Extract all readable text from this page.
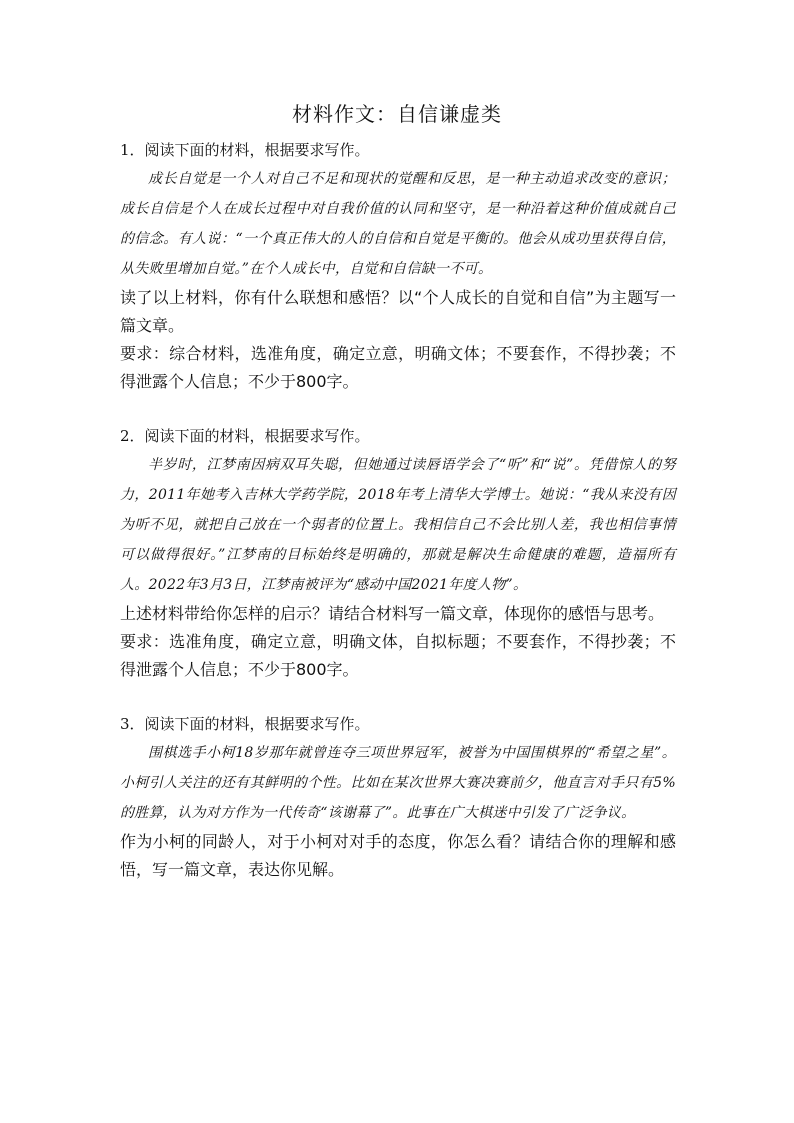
材料作文：自信谦虚类
1．阅读下面的材料，根据要求写作。
成长自觉是一个人对自己不足和现状的觉醒和反思，是一种主动追求改变的意识；成长自信是个人在成长过程中对自我价值的认同和坚守，是一种沿着这种价值成就自己的信念。有人说：“一个真正伟大的人的自信和自觉是平衡的。他会从成功里获得自信，从失败里增加自觉。”在个人成长中，自觉和自信缺一不可。
读了以上材料，你有什么联想和感悟？以“个人成长的自觉和自信”为主题写一篇文章。
要求：综合材料，选准角度，确定立意，明确文体；不要套作，不得抄袭；不得泄露个人信息；不少于800字。
2．阅读下面的材料，根据要求写作。
半岁时，江梦南因病双耳失聪，但她通过读唇语学会了“听”和“说”。凭借惊人的努力，2011年她考入吉林大学药学院，2018年考上清华大学博士。她说：“我从来没有因为听不见，就把自己放在一个弱者的位置上。我相信自己不会比别人差，我也相信事情可以做得很好。”江梦南的目标始终是明确的，那就是解决生命健康的难题，造福所有人。2022年3月3日，江梦南被评为“感动中国2021年度人物”。
上述材料带给你怎样的启示？请结合材料写一篇文章，体现你的感悟与思考。
要求：选准角度，确定立意，明确文体，自拟标题；不要套作，不得抄袭；不得泄露个人信息；不少于800字。
3．阅读下面的材料，根据要求写作。
围棋选手小柯18岁那年就曾连夺三项世界冠军，被誉为中国围棋界的“希望之星”。小柯引人关注的还有其鲜明的个性。比如在某次世界大赛决赛前夕，他直言对手只有5%的胜算，认为对方作为一代传奇“该谢幕了”。此事在广大棋迷中引发了广泛争议。
作为小柯的同龄人，对于小柯对对手的态度，你怎么看？请结合你的理解和感悟，写一篇文章，表达你见解。
